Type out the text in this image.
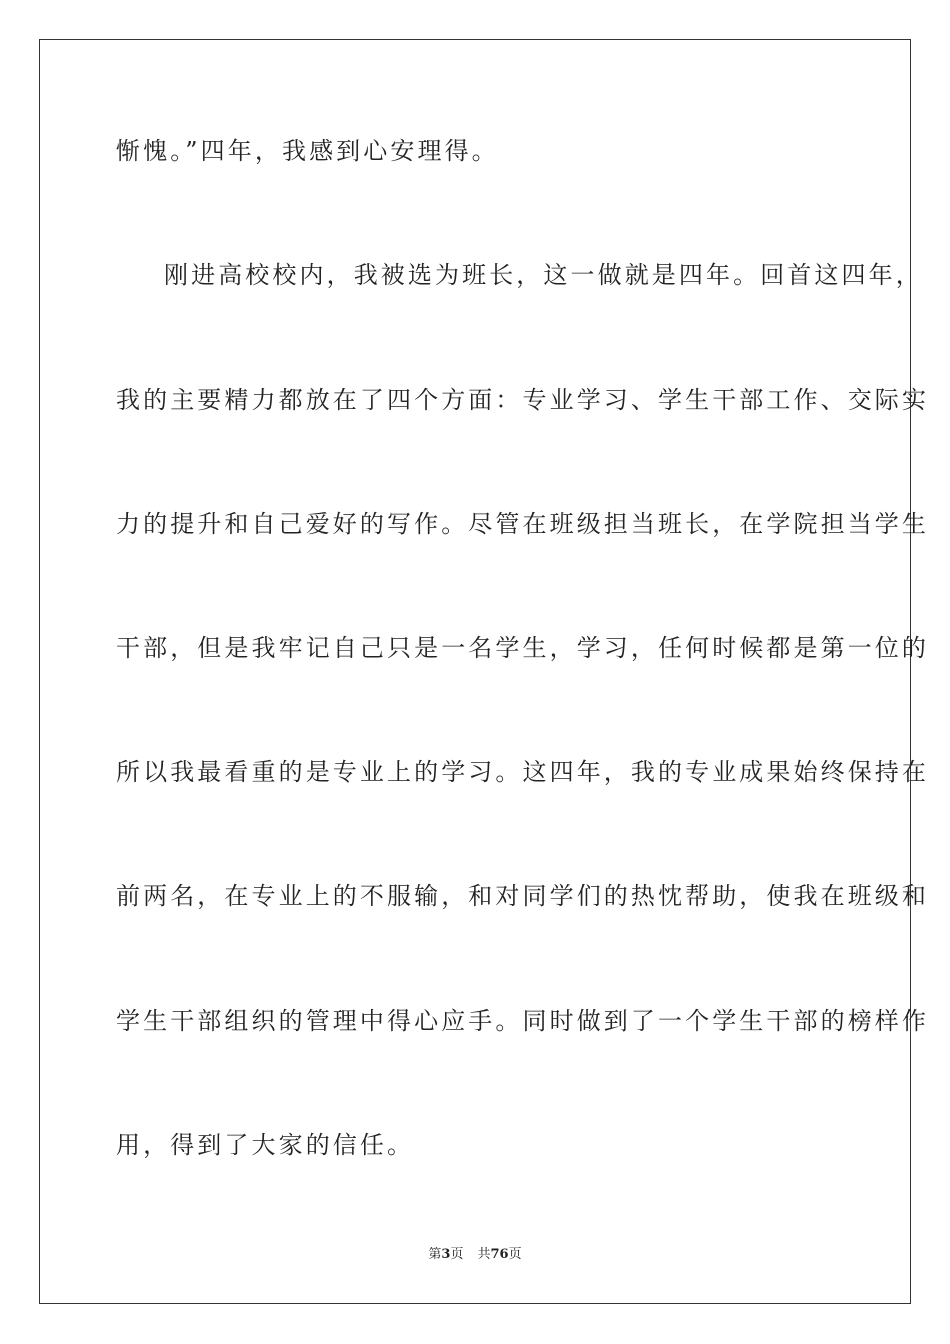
惭愧。”四年，我感到心安理得。
刚进高校校内，我被选为班长，这一做就是四年。回首这四年，
我的主要精力都放在了四个方面：专业学习、学生干部工作、交际实
力的提升和自己爱好的写作。尽管在班级担当班长，在学院担当学生
干部，但是我牢记自己只是一名学生，学习，任何时候都是第一位的
所以我最看重的是专业上的学习。这四年，我的专业成果始终保持在
前两名，在专业上的不服输，和对同学们的热忱帮助，使我在班级和
学生干部组织的管理中得心应手。同时做到了一个学生干部的榜样作
用，得到了大家的信任。
第3页 共76页
